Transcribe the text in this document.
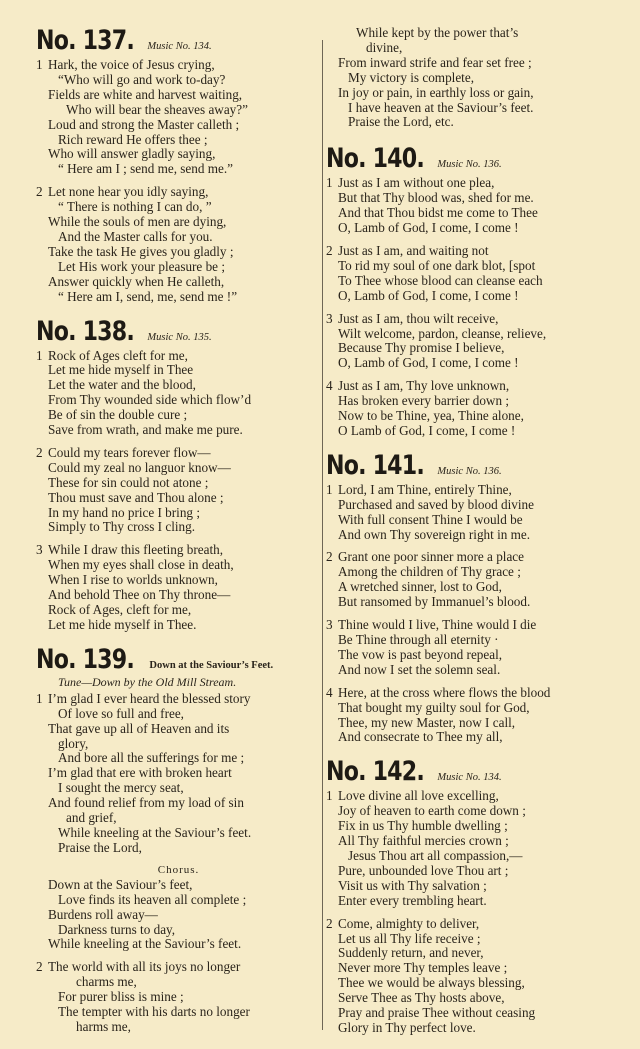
No. 137. Music No. 134.
1 Hark, the voice of Jesus crying,
“Who will go and work to-day?
Fields are white and harvest waiting,
Who will bear the sheaves away?”
Loud and strong the Master calleth ;
Rich reward He offers thee ;
Who will answer gladly saying,
“ Here am I ; send me, send me.”
2 Let none hear you idly saying,
“ There is nothing I can do, ”
While the souls of men are dying,
And the Master calls for you.
Take the task He gives you gladly ;
Let His work your pleasure be ;
Answer quickly when He calleth,
“ Here am I, send, me, send me !”
No. 138. Music No. 135.
1 Rock of Ages cleft for me,
Let me hide myself in Thee
Let the water and the blood,
From Thy wounded side which flow’d
Be of sin the double cure ;
Save from wrath, and make me pure.
2 Could my tears forever flow—
Could my zeal no languor know—
These for sin could not atone ;
Thou must save and Thou alone ;
In my hand no price I bring ;
Simply to Thy cross I cling.
3 While I draw this fleeting breath,
When my eyes shall close in death,
When I rise to worlds unknown,
And behold Thee on Thy throne—
Rock of Ages, cleft for me,
Let me hide myself in Thee.
No. 139. Down at the Saviour’s Feet.
Tune—Down by the Old Mill Stream.
1 I’m glad I ever heard the blessed story
Of love so full and free,
That gave up all of Heaven and its
glory,
And bore all the sufferings for me ;
I’m glad that ere with broken heart
I sought the mercy seat,
And found relief from my load of sin
and grief,
While kneeling at the Saviour’s feet.
Praise the Lord,
Chorus.
Down at the Saviour’s feet,
Love finds its heaven all complete ;
Burdens roll away—
Darkness turns to day,
While kneeling at the Saviour’s feet.
2 The world with all its joys no longer
charms me,
For purer bliss is mine ;
The tempter with his darts no longer
harms me,
While kept by the power that’s
divine,
From inward strife and fear set free ;
My victory is complete,
In joy or pain, in earthly loss or gain,
I have heaven at the Saviour’s feet.
Praise the Lord, etc.
No. 140. Music No. 136.
1 Just as I am without one plea,
But that Thy blood was, shed for me.
And that Thou bidst me come to Thee
O, Lamb of God, I come, I come !
2 Just as I am, and waiting not
To rid my soul of one dark blot, [spot
To Thee whose blood can cleanse each
O, Lamb of God, I come, I come !
3 Just as I am, thou wilt receive,
Wilt welcome, pardon, cleanse, relieve,
Because Thy promise I believe,
O, Lamb of God, I come, I come !
4 Just as I am, Thy love unknown,
Has broken every barrier down ;
Now to be Thine, yea, Thine alone,
O Lamb of God, I come, I come !
No. 141. Music No. 136.
1 Lord, I am Thine, entirely Thine,
Purchased and saved by blood divine
With full consent Thine I would be
And own Thy sovereign right in me.
2 Grant one poor sinner more a place
Among the children of Thy grace ;
A wretched sinner, lost to God,
But ransomed by Immanuel’s blood.
3 Thine would I live, Thine would I die
Be Thine through all eternity ·
The vow is past beyond repeal,
And now I set the solemn seal.
4 Here, at the cross where flows the blood
That bought my guilty soul for God,
Thee, my new Master, now I call,
And consecrate to Thee my all,
No. 142. Music No. 134.
1 Love divine all love excelling,
Joy of heaven to earth come down ;
Fix in us Thy humble dwelling ;
All Thy faithful mercies crown ;
Jesus Thou art all compassion,—
Pure, unbounded love Thou art ;
Visit us with Thy salvation ;
Enter every trembling heart.
2 Come, almighty to deliver,
Let us all Thy life receive ;
Suddenly return, and never,
Never more Thy temples leave ;
Thee we would be always blessing,
Serve Thee as Thy hosts above,
Pray and praise Thee without ceasing
Glory in Thy perfect love.
